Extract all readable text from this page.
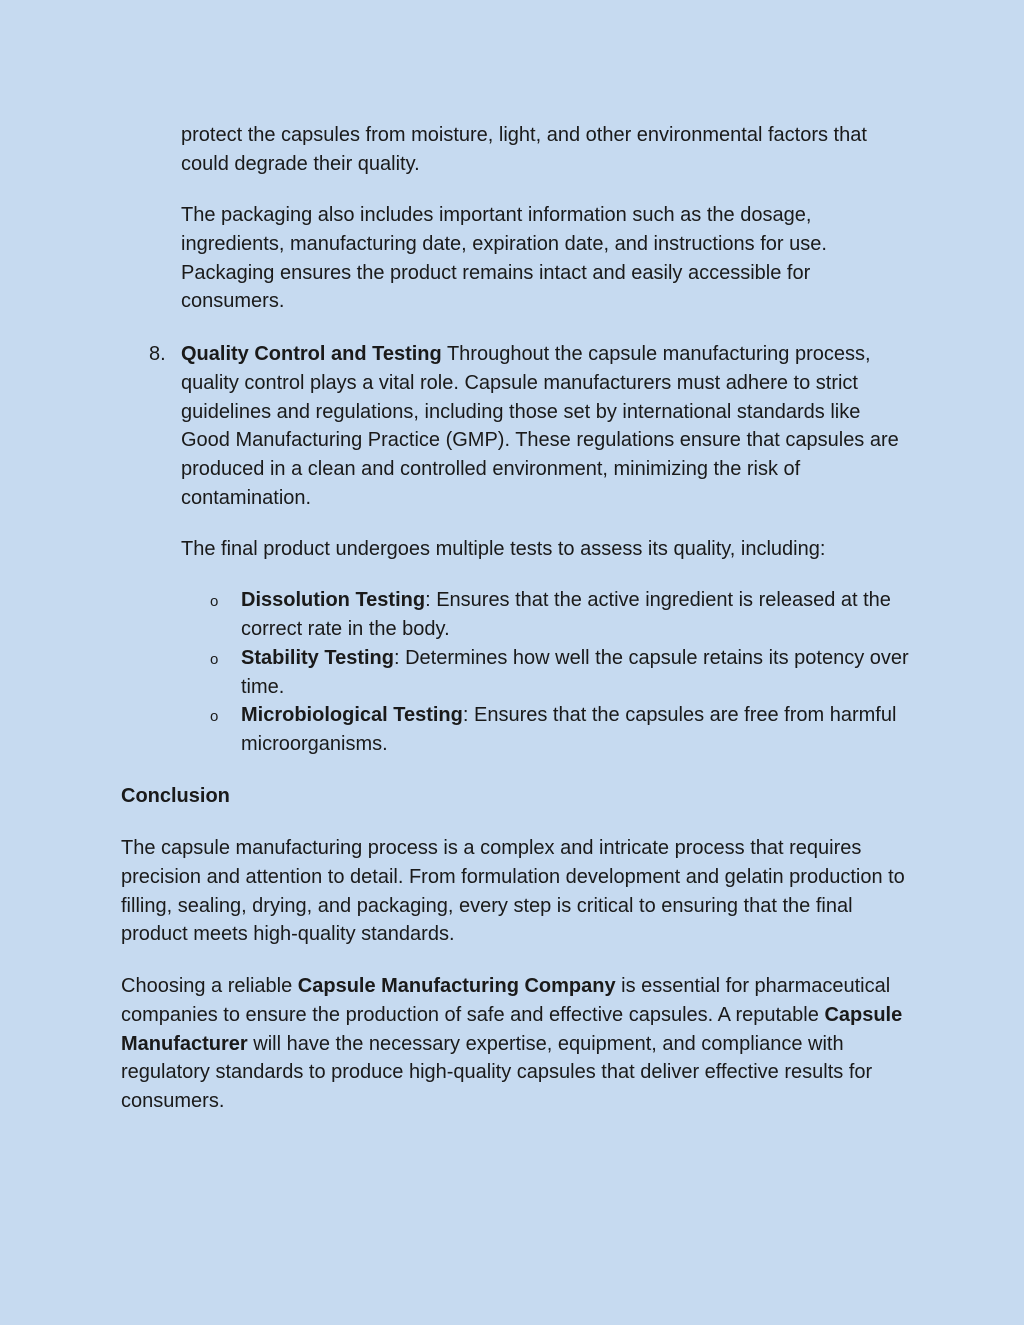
protect the capsules from moisture, light, and other environmental factors that could degrade their quality.

The packaging also includes important information such as the dosage, ingredients, manufacturing date, expiration date, and instructions for use. Packaging ensures the product remains intact and easily accessible for consumers.

8. Quality Control and Testing Throughout the capsule manufacturing process, quality control plays a vital role. Capsule manufacturers must adhere to strict guidelines and regulations, including those set by international standards like Good Manufacturing Practice (GMP). These regulations ensure that capsules are produced in a clean and controlled environment, minimizing the risk of contamination.

The final product undergoes multiple tests to assess its quality, including:

o Dissolution Testing: Ensures that the active ingredient is released at the correct rate in the body.

o Stability Testing: Determines how well the capsule retains its potency over time.

o Microbiological Testing: Ensures that the capsules are free from harmful microorganisms.

Conclusion

The capsule manufacturing process is a complex and intricate process that requires precision and attention to detail. From formulation development and gelatin production to filling, sealing, drying, and packaging, every step is critical to ensuring that the final product meets high-quality standards.

Choosing a reliable Capsule Manufacturing Company is essential for pharmaceutical companies to ensure the production of safe and effective capsules. A reputable Capsule Manufacturer will have the necessary expertise, equipment, and compliance with regulatory standards to produce high-quality capsules that deliver effective results for consumers.
